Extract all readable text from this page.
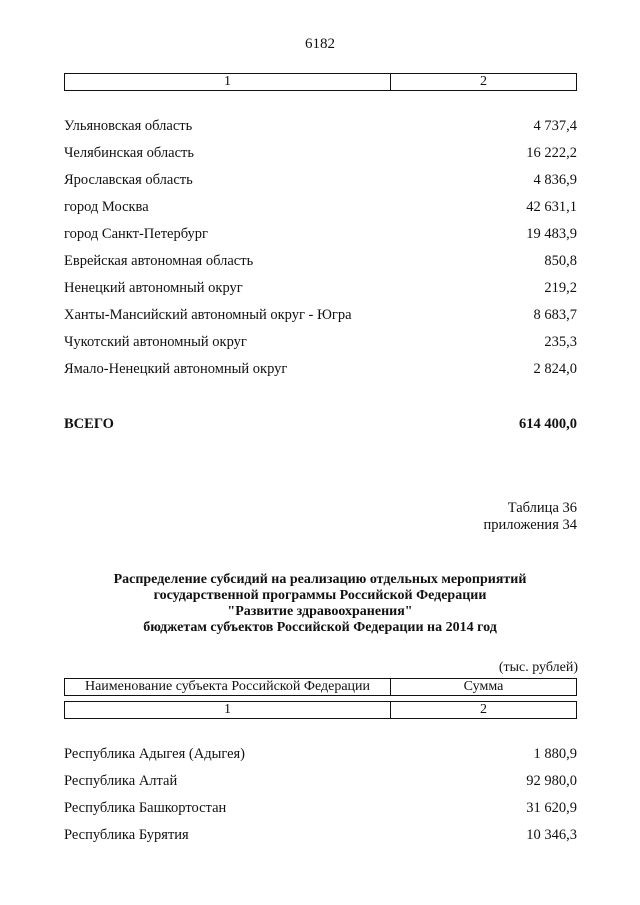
6182
1	2
Ульяновская область	4 737,4
Челябинская область	16 222,2
Ярославская область	4 836,9
город Москва	42 631,1
город Санкт-Петербург	19 483,9
Еврейская автономная область	850,8
Ненецкий автономный округ	219,2
Ханты-Мансийский автономный округ - Югра	8 683,7
Чукотский автономный округ	235,3
Ямало-Ненецкий автономный округ	2 824,0
ВСЕГО	614 400,0
Таблица 36
приложения 34
Распределение субсидий на реализацию отдельных мероприятий
государственной программы Российской Федерации
"Развитие здравоохранения"
бюджетам субъектов Российской Федерации на 2014 год
(тыс. рублей)
Наименование субъекта Российской Федерации	Сумма
1	2
Республика Адыгея (Адыгея)	1 880,9
Республика Алтай	92 980,0
Республика Башкортостан	31 620,9
Республика Бурятия	10 346,3
